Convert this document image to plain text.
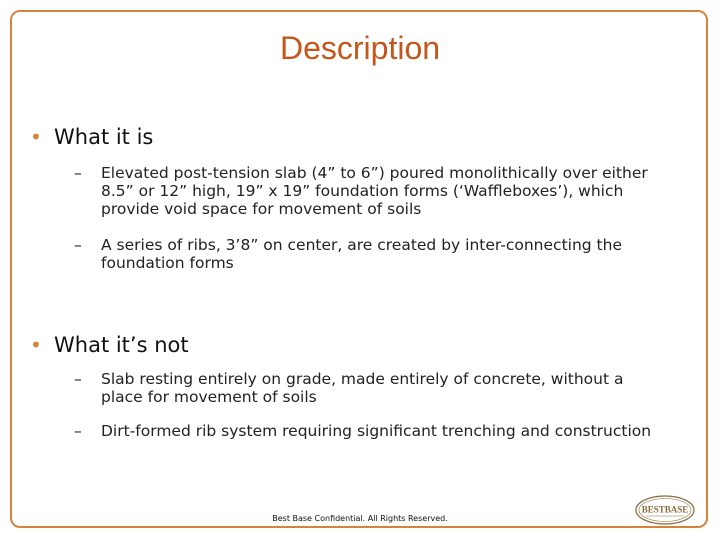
Description
• What it is
– Elevated post-tension slab (4” to 6”) poured monolithically over either
8.5” or 12” high, 19” x 19” foundation forms (‘Waffleboxes’), which
provide void space for movement of soils
– A series of ribs, 3’8” on center, are created by inter-connecting the
foundation forms
• What it’s not
– Slab resting entirely on grade, made entirely of concrete, without a
place for movement of soils
– Dirt-formed rib system requiring significant trenching and construction
Best Base Confidential. All Rights Reserved.
BESTBASE
